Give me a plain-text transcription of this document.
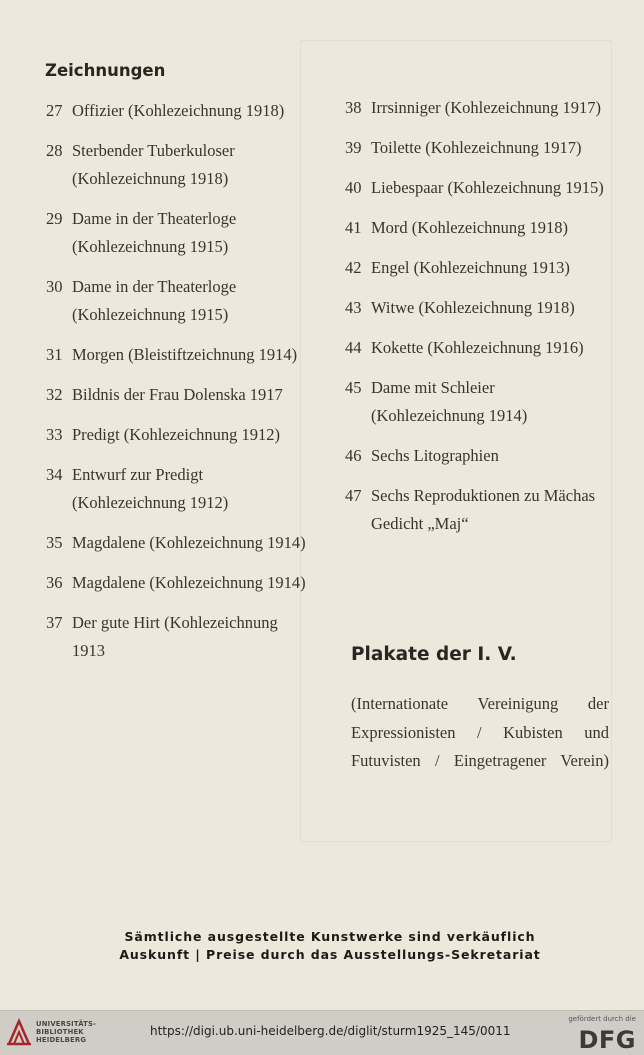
Zeichnungen
27 Offizier (Kohlezeichnung 1918)
28 Sterbender Tuberkuloser (Kohlezeichnung 1918)
29 Dame in der Theaterloge (Kohlezeichnung 1915)
30 Dame in der Theaterloge (Kohlezeichnung 1915)
31 Morgen (Bleistiftzeichnung 1914)
32 Bildnis der Frau Dolenska 1917
33 Predigt (Kohlezeichnung 1912)
34 Entwurf zur Predigt (Kohlezeichnung 1912)
35 Magdalene (Kohlezeichnung 1914)
36 Magdalene (Kohlezeichnung 1914)
37 Der gute Hirt (Kohlezeichnung 1913
38 Irrsinniger (Kohlezeichnung 1917)
39 Toilette (Kohlezeichnung 1917)
40 Liebespaar (Kohlezeichnung 1915)
41 Mord (Kohlezeichnung 1918)
42 Engel (Kohlezeichnung 1913)
43 Witwe (Kohlezeichnung 1918)
44 Kokette (Kohlezeichnung 1916)
45 Dame mit Schleier (Kohlezeichnung 1914)
46 Sechs Litographien
47 Sechs Reproduktionen zu Mächas Gedicht „Maj“
Plakate der I. V.
(Internationate Vereinigung der
Expressionisten / Kubisten und
Futuvisten / Eingetragener Verein)
Sämtliche ausgestellte Kunstwerke sind verkäuflich
Auskunft | Preise durch das Ausstellungs-Sekretariat
UNIVERSITÄTS-
BIBLIOTHEK
HEIDELBERG
https://digi.ub.uni-heidelberg.de/diglit/sturm1925_145/0011
gefördert durch die
DFG
